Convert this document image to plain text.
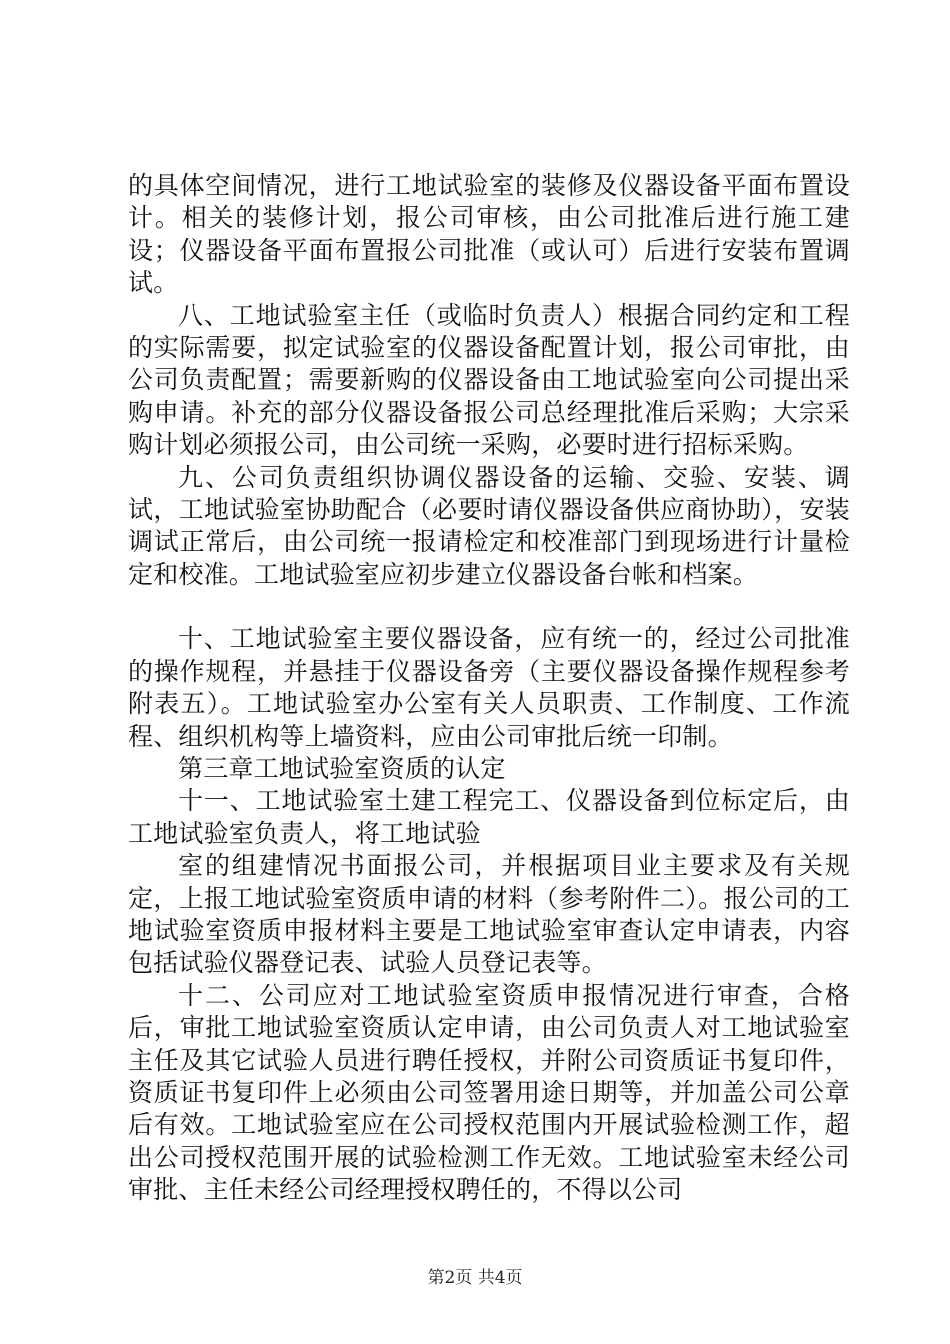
的具体空间情况，进行工地试验室的装修及仪器设备平面布置设计。相关的装修计划，报公司审核，由公司批准后进行施工建设；仪器设备平面布置报公司批准（或认可）后进行安装布置调试。

八、工地试验室主任（或临时负责人）根据合同约定和工程的实际需要，拟定试验室的仪器设备配置计划，报公司审批，由公司负责配置；需要新购的仪器设备由工地试验室向公司提出采购申请。补充的部分仪器设备报公司总经理批准后采购；大宗采购计划必须报公司，由公司统一采购，必要时进行招标采购。

九、公司负责组织协调仪器设备的运输、交验、安装、调试，工地试验室协助配合（必要时请仪器设备供应商协助），安装调试正常后，由公司统一报请检定和校准部门到现场进行计量检定和校准。工地试验室应初步建立仪器设备台帐和档案。

十、工地试验室主要仪器设备，应有统一的，经过公司批准的操作规程，并悬挂于仪器设备旁（主要仪器设备操作规程参考附表五）。工地试验室办公室有关人员职责、工作制度、工作流程、组织机构等上墙资料，应由公司审批后统一印制。

第三章工地试验室资质的认定

十一、工地试验室土建工程完工、仪器设备到位标定后，由工地试验室负责人，将工地试验

室的组建情况书面报公司，并根据项目业主要求及有关规定，上报工地试验室资质申请的材料（参考附件二）。报公司的工地试验室资质申报材料主要是工地试验室审查认定申请表，内容包括试验仪器登记表、试验人员登记表等。

十二、公司应对工地试验室资质申报情况进行审查，合格后，审批工地试验室资质认定申请，由公司负责人对工地试验室主任及其它试验人员进行聘任授权，并附公司资质证书复印件，资质证书复印件上必须由公司签署用途日期等，并加盖公司公章后有效。工地试验室应在公司授权范围内开展试验检测工作，超出公司授权范围开展的试验检测工作无效。工地试验室未经公司审批、主任未经公司经理授权聘任的，不得以公司

第2页 共4页
